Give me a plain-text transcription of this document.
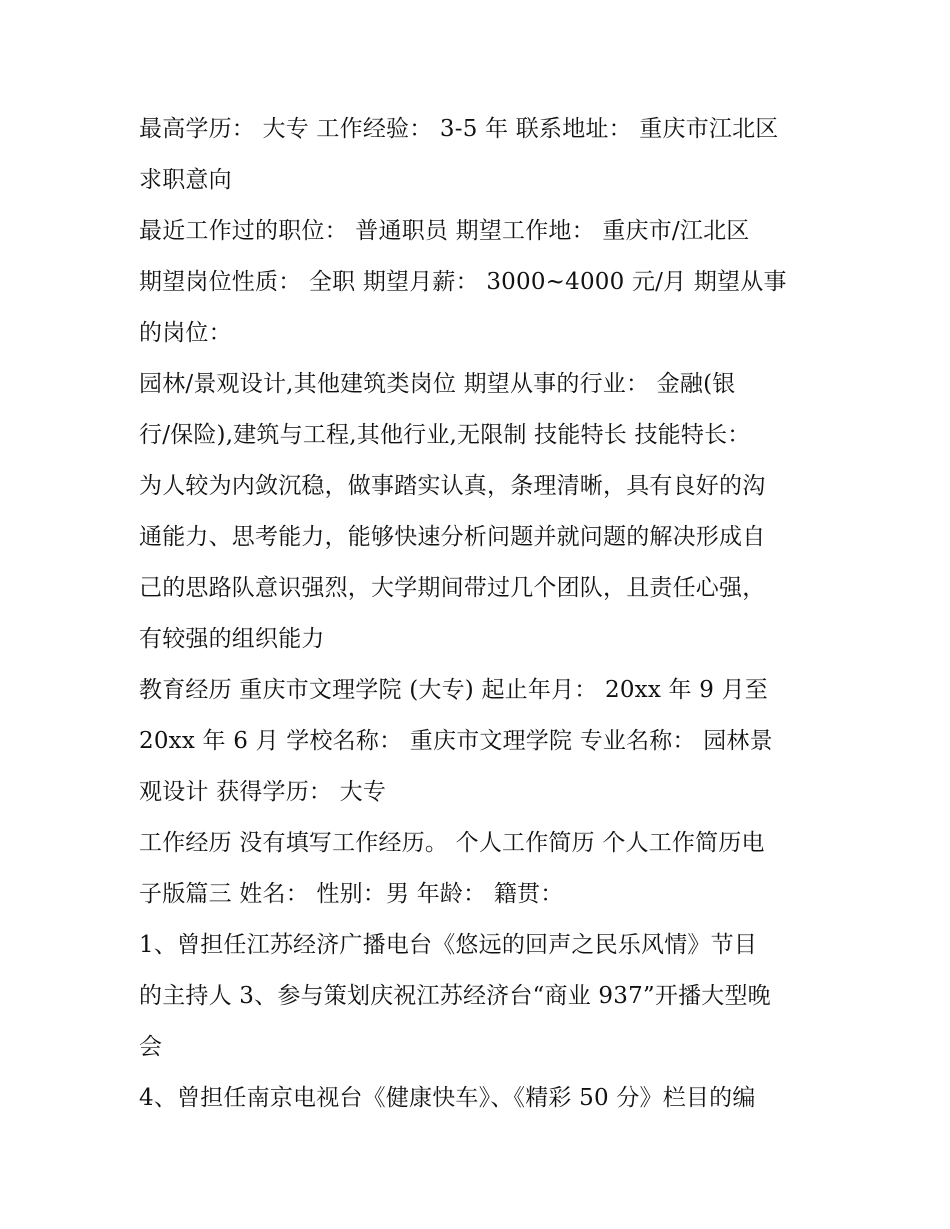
最高学历： 大专 工作经验： 3-5 年 联系地址： 重庆市江北区
求职意向
最近工作过的职位： 普通职员 期望工作地： 重庆市/江北区
期望岗位性质： 全职 期望月薪： 3000~4000 元/月 期望从事
的岗位：
园林/景观设计,其他建筑类岗位 期望从事的行业： 金融(银
行/保险),建筑与工程,其他行业,无限制 技能特长 技能特长：
为人较为内敛沉稳，做事踏实认真，条理清晰，具有良好的沟
通能力、思考能力，能够快速分析问题并就问题的解决形成自
己的思路队意识强烈，大学期间带过几个团队，且责任心强，
有较强的组织能力
教育经历 重庆市文理学院 (大专) 起止年月： 20xx 年 9 月至
20xx 年 6 月 学校名称： 重庆市文理学院 专业名称： 园林景
观设计 获得学历： 大专
工作经历 没有填写工作经历。 个人工作简历 个人工作简历电
子版篇三 姓名： 性别：男 年龄： 籍贯：
1、曾担任江苏经济广播电台《悠远的回声之民乐风情》节目
的主持人 3、参与策划庆祝江苏经济台“商业 937”开播大型晚
会
4、曾担任南京电视台《健康快车》、《精彩 50 分》栏目的编
